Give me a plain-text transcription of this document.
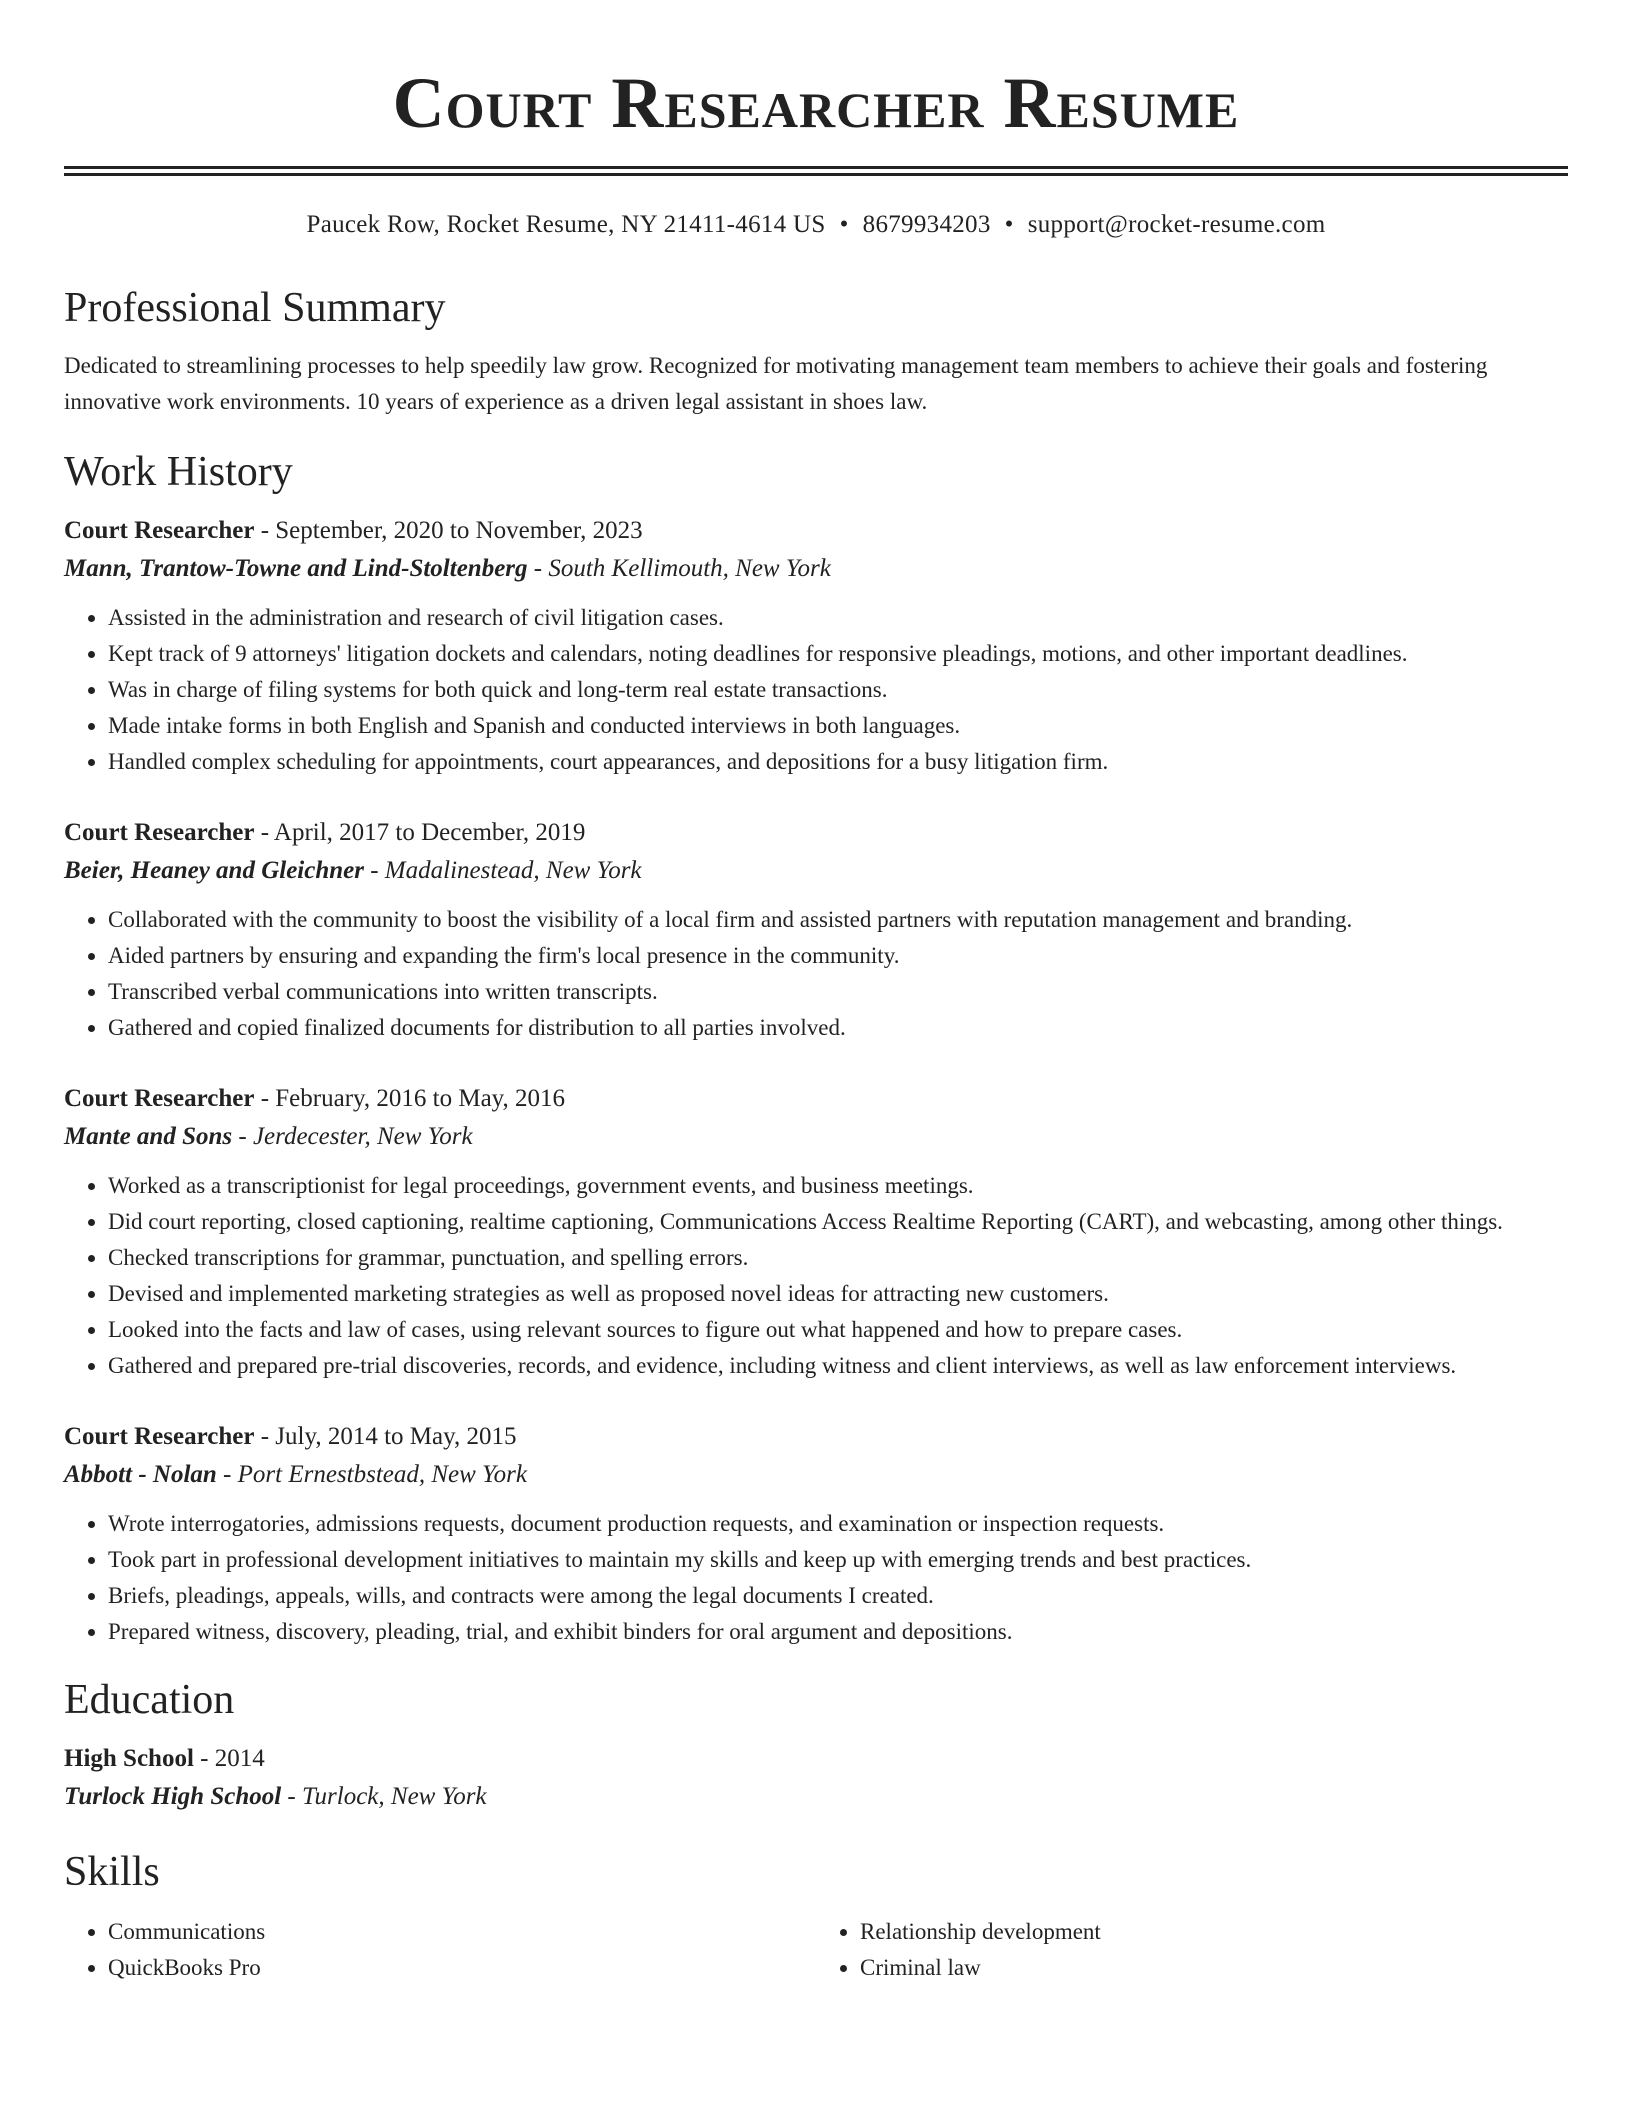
Court Researcher Resume
Paucek Row, Rocket Resume, NY 21411-4614 US • 8679934203 • support@rocket-resume.com
Professional Summary

Dedicated to streamlining processes to help speedily law grow. Recognized for motivating management team members to achieve their goals and fostering innovative work environments. 10 years of experience as a driven legal assistant in shoes law.

Work History
Court Researcher - September, 2020 to November, 2023
Mann, Trantow-Towne and Lind-Stoltenberg - South Kellimouth, New York
• Assisted in the administration and research of civil litigation cases.
• Kept track of 9 attorneys' litigation dockets and calendars, noting deadlines for responsive pleadings, motions, and other important deadlines.
• Was in charge of filing systems for both quick and long-term real estate transactions.
• Made intake forms in both English and Spanish and conducted interviews in both languages.
• Handled complex scheduling for appointments, court appearances, and depositions for a busy litigation firm.
Court Researcher - April, 2017 to December, 2019
Beier, Heaney and Gleichner - Madalinestead, New York
• Collaborated with the community to boost the visibility of a local firm and assisted partners with reputation management and branding.
• Aided partners by ensuring and expanding the firm's local presence in the community.
• Transcribed verbal communications into written transcripts.
• Gathered and copied finalized documents for distribution to all parties involved.
Court Researcher - February, 2016 to May, 2016
Mante and Sons - Jerdecester, New York
• Worked as a transcriptionist for legal proceedings, government events, and business meetings.
• Did court reporting, closed captioning, realtime captioning, Communications Access Realtime Reporting (CART), and webcasting, among other things.
• Checked transcriptions for grammar, punctuation, and spelling errors.
• Devised and implemented marketing strategies as well as proposed novel ideas for attracting new customers.
• Looked into the facts and law of cases, using relevant sources to figure out what happened and how to prepare cases.
• Gathered and prepared pre-trial discoveries, records, and evidence, including witness and client interviews, as well as law enforcement interviews.
Court Researcher - July, 2014 to May, 2015
Abbott - Nolan - Port Ernestbstead, New York
• Wrote interrogatories, admissions requests, document production requests, and examination or inspection requests.
• Took part in professional development initiatives to maintain my skills and keep up with emerging trends and best practices.
• Briefs, pleadings, appeals, wills, and contracts were among the legal documents I created.
• Prepared witness, discovery, pleading, trial, and exhibit binders for oral argument and depositions.
Education
High School - 2014
Turlock High School - Turlock, New York
Skills
• Communications
• QuickBooks Pro
• Relationship development
• Criminal law
